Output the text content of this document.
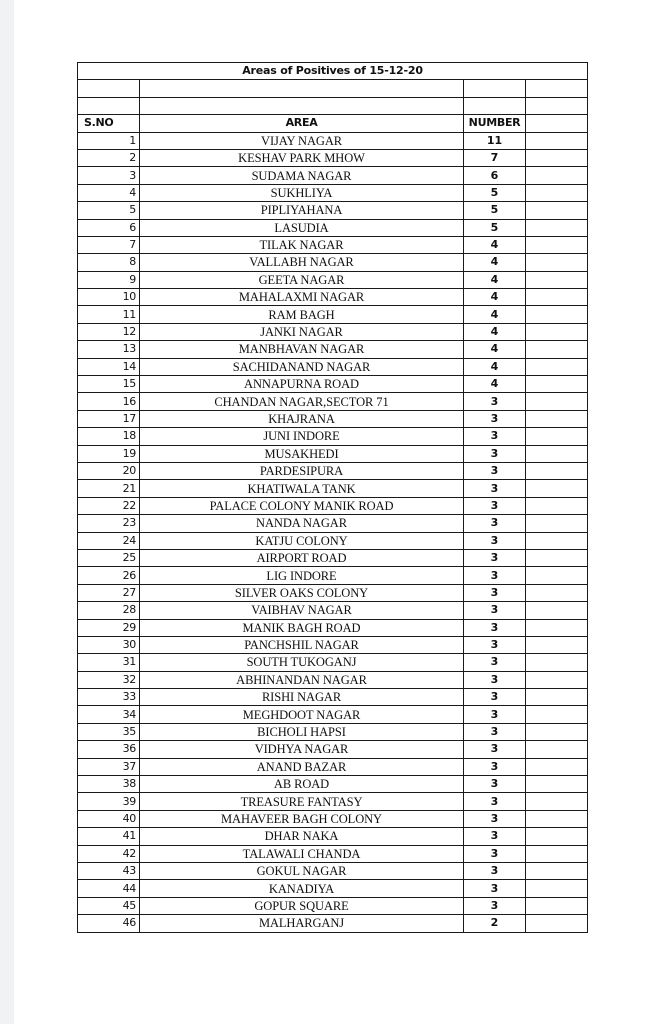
Areas of Positives of 15-12-20			

S.NO	AREA	NUMBER	
1	VIJAY NAGAR	11	
2	KESHAV PARK MHOW	7	
3	SUDAMA NAGAR	6	
4	SUKHLIYA	5	
5	PIPLIYAHANA	5	
6	LASUDIA	5	
7	TILAK NAGAR	4	
8	VALLABH NAGAR	4	
9	GEETA NAGAR	4	
10	MAHALAXMI NAGAR	4	
11	RAM BAGH	4	
12	JANKI NAGAR	4	
13	MANBHAVAN NAGAR	4	
14	SACHIDANAND NAGAR	4	
15	ANNAPURNA ROAD	4	
16	CHANDAN NAGAR,SECTOR 71	3	
17	KHAJRANA	3	
18	JUNI INDORE	3	
19	MUSAKHEDI	3	
20	PARDESIPURA	3	
21	KHATIWALA TANK	3	
22	PALACE COLONY MANIK ROAD	3	
23	NANDA NAGAR	3	
24	KATJU COLONY	3	
25	AIRPORT ROAD	3	
26	LIG INDORE	3	
27	SILVER OAKS COLONY	3	
28	VAIBHAV NAGAR	3	
29	MANIK BAGH ROAD	3	
30	PANCHSHIL NAGAR	3	
31	SOUTH TUKOGANJ	3	
32	ABHINANDAN NAGAR	3	
33	RISHI NAGAR	3	
34	MEGHDOOT NAGAR	3	
35	BICHOLI HAPSI	3	
36	VIDHYA NAGAR	3	
37	ANAND BAZAR	3	
38	AB ROAD	3	
39	TREASURE FANTASY	3	
40	MAHAVEER BAGH COLONY	3	
41	DHAR NAKA	3	
42	TALAWALI CHANDA	3	
43	GOKUL NAGAR	3	
44	KANADIYA	3	
45	GOPUR SQUARE	3	
46	MALHARGANJ	2	
